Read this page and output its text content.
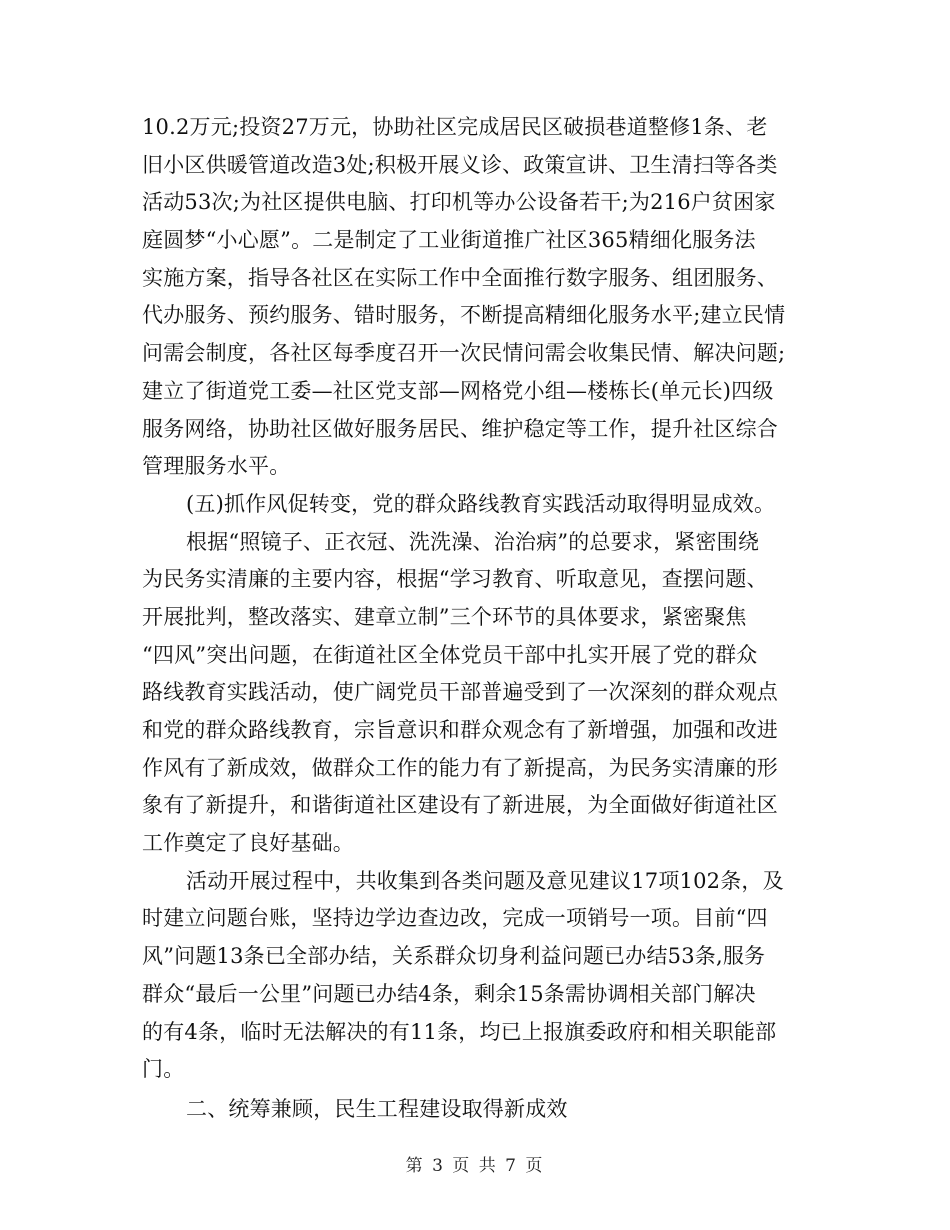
10.2万元;投资27万元，协助社区完成居民区破损巷道整修1条、老
旧小区供暖管道改造3处;积极开展义诊、政策宣讲、卫生清扫等各类
活动53次;为社区提供电脑、打印机等办公设备若干;为216户贫困家
庭圆梦“小心愿”。二是制定了工业街道推广社区365精细化服务法
实施方案，指导各社区在实际工作中全面推行数字服务、组团服务、
代办服务、预约服务、错时服务，不断提高精细化服务水平;建立民情
问需会制度，各社区每季度召开一次民情问需会收集民情、解决问题;
建立了街道党工委—社区党支部—网格党小组—楼栋长(单元长)四级
服务网络，协助社区做好服务居民、维护稳定等工作，提升社区综合
管理服务水平。
(五)抓作风促转变，党的群众路线教育实践活动取得明显成效。
根据“照镜子、正衣冠、洗洗澡、治治病”的总要求，紧密围绕
为民务实清廉的主要内容，根据“学习教育、听取意见，查摆问题、
开展批判，整改落实、建章立制”三个环节的具体要求，紧密聚焦
“四风”突出问题，在街道社区全体党员干部中扎实开展了党的群众
路线教育实践活动，使广阔党员干部普遍受到了一次深刻的群众观点
和党的群众路线教育，宗旨意识和群众观念有了新增强，加强和改进
作风有了新成效，做群众工作的能力有了新提高，为民务实清廉的形
象有了新提升，和谐街道社区建设有了新进展，为全面做好街道社区
工作奠定了良好基础。
活动开展过程中，共收集到各类问题及意见建议17项102条，及
时建立问题台账，坚持边学边查边改，完成一项销号一项。目前“四
风”问题13条已全部办结，关系群众切身利益问题已办结53条,服务
群众“最后一公里”问题已办结4条，剩余15条需协调相关部门解决
的有4条，临时无法解决的有11条，均已上报旗委政府和相关职能部
门。
二、统筹兼顾，民生工程建设取得新成效
第 3 页 共 7 页
